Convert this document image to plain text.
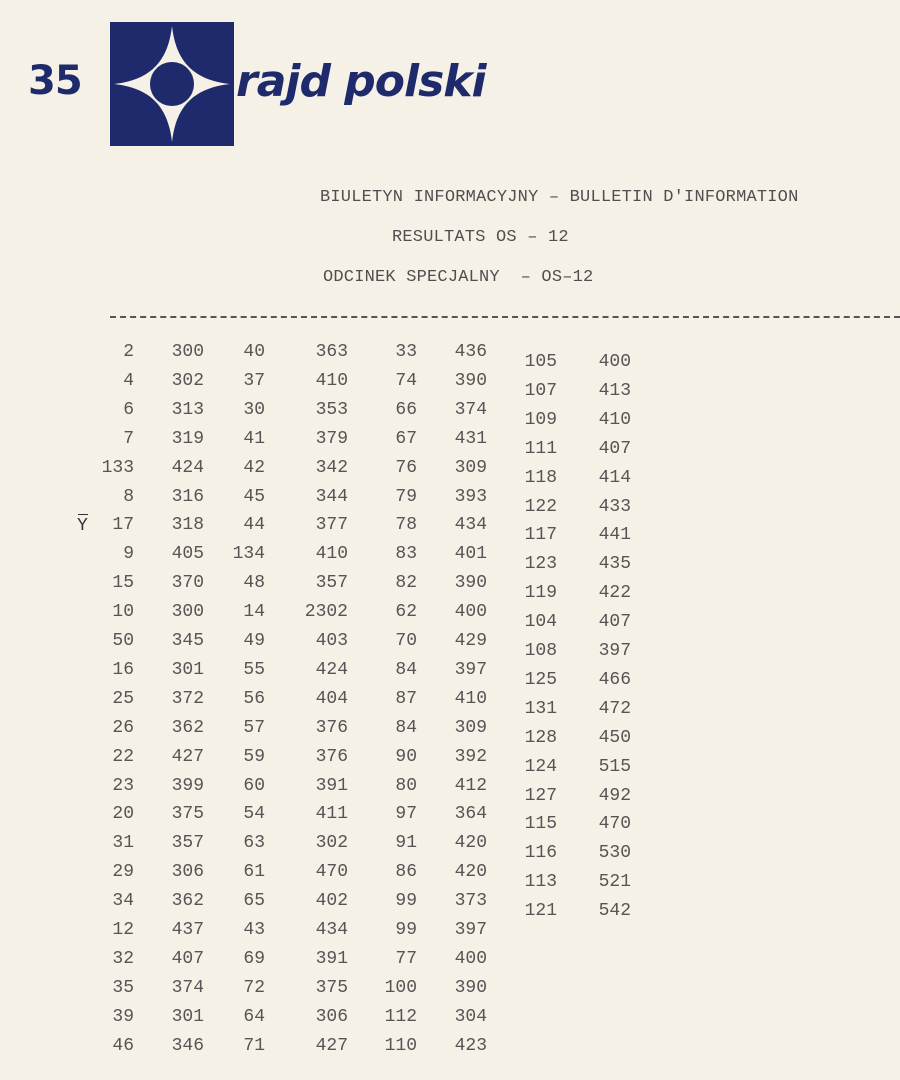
35	rajd polski
BIULETYN INFORMACYJNY – BULLETIN D'INFORMATION
RESULTATS OS – 12
ODCINEK SPECJALNY  – OS–12
Y
2	300	40	363	33	436
4	302	37	410	74	390
6	313	30	353	66	374
7	319	41	379	67	431
133	424	42	342	76	309
8	316	45	344	79	393
17	318	44	377	78	434
9	405	134	410	83	401
15	370	48	357	82	390
10	300	14	2302	62	400
50	345	49	403	70	429
16	301	55	424	84	397
25	372	56	404	87	410
26	362	57	376	84	309
22	427	59	376	90	392
23	399	60	391	80	412
20	375	54	411	97	364
31	357	63	302	91	420
29	306	61	470	86	420
34	362	65	402	99	373
12	437	43	434	99	397
32	407	69	391	77	400
35	374	72	375	100	390
39	301	64	306	112	304
46	346	71	427	110	423
105	400
107	413
109	410
111	407
118	414
122	433
117	441
123	435
119	422
104	407
108	397
125	466
131	472
128	450
124	515
127	492
115	470
116	530
113	521
121	542
